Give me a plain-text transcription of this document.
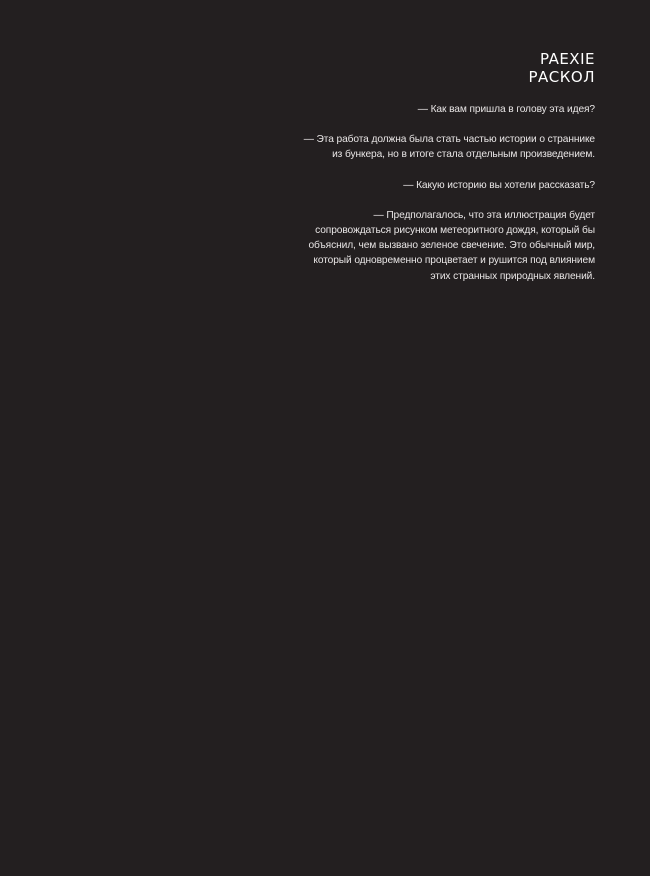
PAEXIE
РАСКОЛ

— Как вам пришла в голову эта идея?

— Эта работа должна была стать частью истории о страннике
из бункера, но в итоге стала отдельным произведением.

— Какую историю вы хотели рассказать?

— Предполагалось, что эта иллюстрация будет
сопровождаться рисунком метеоритного дождя, который бы
объяснил, чем вызвано зеленое свечение. Это обычный мир,
который одновременно процветает и рушится под влиянием
этих странных природных явлений.
